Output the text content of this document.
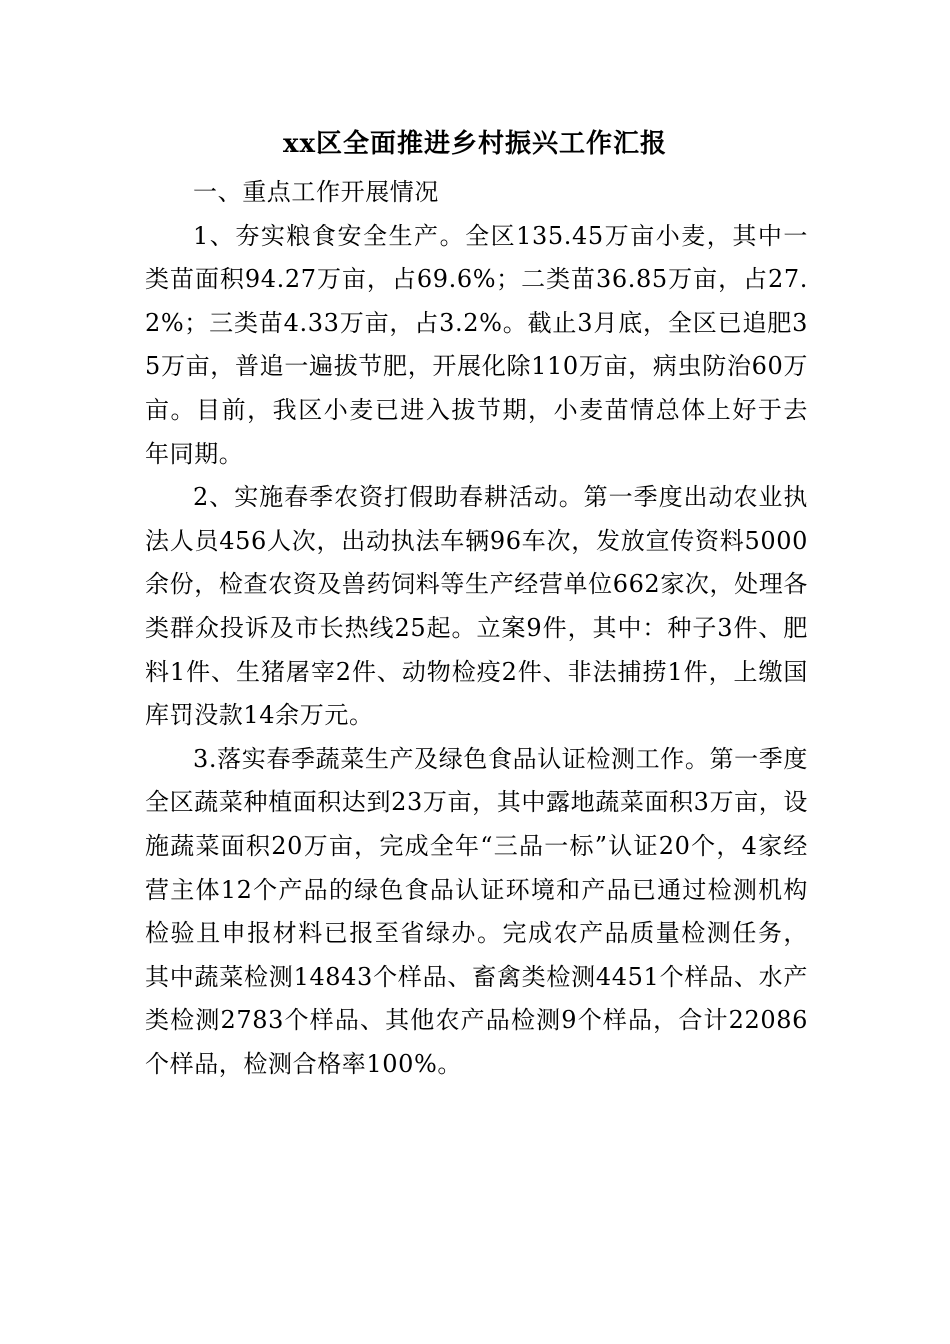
xx区全面推进乡村振兴工作汇报

一、重点工作开展情况

1、夯实粮食安全生产。全区135.45万亩小麦，其中一类苗面积94.27万亩，占69.6%；二类苗36.85万亩，占27.2%；三类苗4.33万亩，占3.2%。截止3月底，全区已追肥35万亩，普追一遍拔节肥，开展化除110万亩，病虫防治60万亩。目前，我区小麦已进入拔节期，小麦苗情总体上好于去年同期。

2、实施春季农资打假助春耕活动。第一季度出动农业执法人员456人次，出动执法车辆96车次，发放宣传资料5000余份，检查农资及兽药饲料等生产经营单位662家次，处理各类群众投诉及市长热线25起。立案9件，其中：种子3件、肥料1件、生猪屠宰2件、动物检疫2件、非法捕捞1件，上缴国库罚没款14余万元。

3.落实春季蔬菜生产及绿色食品认证检测工作。第一季度全区蔬菜种植面积达到23万亩，其中露地蔬菜面积3万亩，设施蔬菜面积20万亩，完成全年“三品一标”认证20个，4家经营主体12个产品的绿色食品认证环境和产品已通过检测机构检验且申报材料已报至省绿办。完成农产品质量检测任务，其中蔬菜检测14843个样品、畜禽类检测4451个样品、水产类检测2783个样品、其他农产品检测9个样品，合计22086个样品，检测合格率100%。
